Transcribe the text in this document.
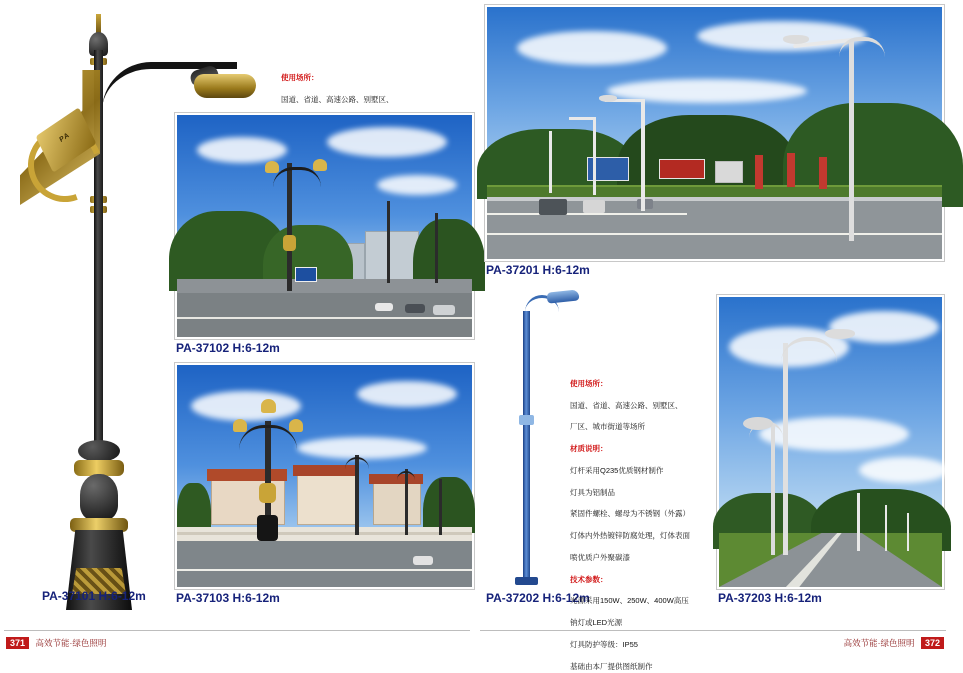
PA
PA-37101 H:6-12m

使用场所：

国道、省道、高速公路、别墅区、

PA-37102 H:6-12m
PA-37103 H:6-12m
PA-37201 H:6-12m
PA-37202 H:6-12m

使用场所：

国道、省道、高速公路、别墅区、

厂区、城市街道等场所

材质说明：

灯杆采用Q235优质钢材制作

灯具为铝制品

紧固件螺栓、螺母为不锈钢（外露）

灯体内外热镀锌防腐处理，灯体表面

喷优质户外聚碳漆

技术参数：

光源采用150W、250W、400W高压

钠灯或LED光源

灯具防护等级：IP55

基础由本厂提供图纸制作

PA-37203 H:6-12m
371 高效节能·绿色照明	高效节能·绿色照明 372
